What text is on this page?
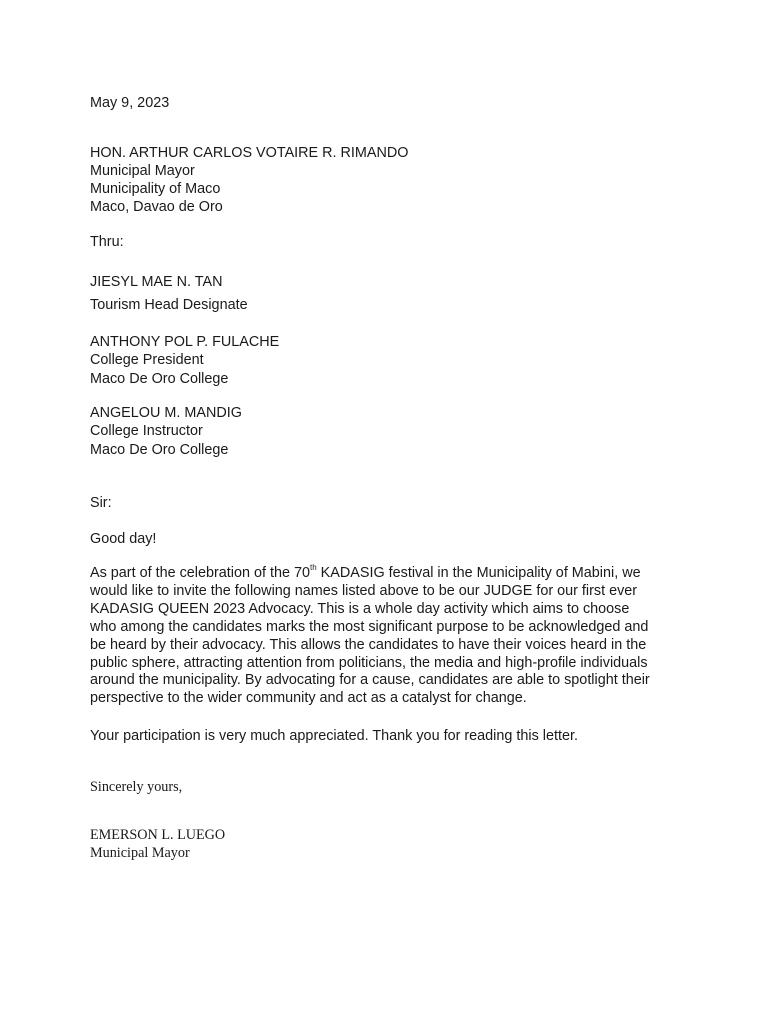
May 9, 2023
HON. ARTHUR CARLOS VOTAIRE R. RIMANDO
Municipal Mayor
Municipality of Maco
Maco, Davao de Oro
Thru:
JIESYL MAE N. TAN
Tourism Head Designate
ANTHONY POL P. FULACHE
College President
Maco De Oro College
ANGELOU M. MANDIG
College Instructor
Maco De Oro College
Sir:
Good day!

As part of the celebration of the 70th KADASIG festival in the Municipality of Mabini, we

would like to invite the following names listed above to be our JUDGE for our first ever

KADASIG QUEEN 2023 Advocacy. This is a whole day activity which aims to choose

who among the candidates marks the most significant purpose to be acknowledged and

be heard by their advocacy. This allows the candidates to have their voices heard in the

public sphere, attracting attention from politicians, the media and high-profile individuals

around the municipality. By advocating for a cause, candidates are able to spotlight their

perspective to the wider community and act as a catalyst for change.

Your participation is very much appreciated. Thank you for reading this letter.
Sincerely yours,
EMERSON L. LUEGO
Municipal Mayor
